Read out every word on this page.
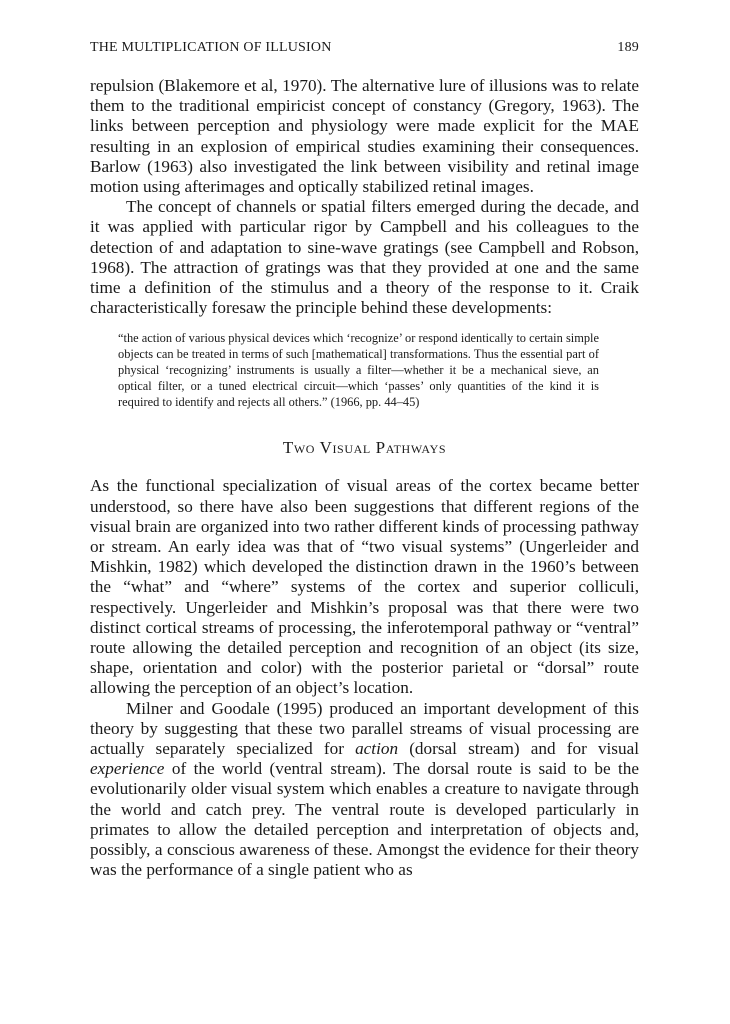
THE MULTIPLICATION OF ILLUSION	189

repulsion (Blakemore et al, 1970). The alternative lure of illusions was to relate them to the traditional empiricist concept of constancy (Gregory, 1963). The links between perception and physiology were made explicit for the MAE resulting in an explosion of empirical studies examining their consequences. Barlow (1963) also investigated the link between visibility and retinal image motion using afterimages and optically stabilized retinal images.

The concept of channels or spatial filters emerged during the decade, and it was applied with particular rigor by Campbell and his colleagues to the detection of and adaptation to sine-wave gratings (see Campbell and Robson, 1968). The attraction of gratings was that they provided at one and the same time a definition of the stimulus and a theory of the response to it. Craik characteristically foresaw the principle behind these developments:

“the action of various physical devices which ‘recognize’ or respond identically to certain simple objects can be treated in terms of such [mathematical] transformations. Thus the essential part of physical ‘recognizing’ instruments is usually a filter—whether it be a mechanical sieve, an optical filter, or a tuned electrical circuit—which ‘passes’ only quantities of the kind it is required to identify and rejects all others.” (1966, pp. 44–45)
Two Visual Pathways

As the functional specialization of visual areas of the cortex became better understood, so there have also been suggestions that different regions of the visual brain are organized into two rather different kinds of processing pathway or stream. An early idea was that of “two visual systems” (Ungerleider and Mishkin, 1982) which developed the distinction drawn in the 1960’s between the “what” and “where” systems of the cortex and superior colliculi, respectively. Ungerleider and Mishkin’s proposal was that there were two distinct cortical streams of processing, the inferotemporal pathway or “ventral” route allowing the detailed perception and recognition of an object (its size, shape, orientation and color) with the posterior parietal or “dorsal” route allowing the perception of an object’s location.

Milner and Goodale (1995) produced an important development of this theory by suggesting that these two parallel streams of visual processing are actually separately specialized for action (dorsal stream) and for visual experience of the world (ventral stream). The dorsal route is said to be the evolutionarily older visual system which enables a creature to navigate through the world and catch prey. The ventral route is developed particularly in primates to allow the detailed perception and interpretation of objects and, possibly, a conscious awareness of these. Amongst the evidence for their theory was the performance of a single patient who as
